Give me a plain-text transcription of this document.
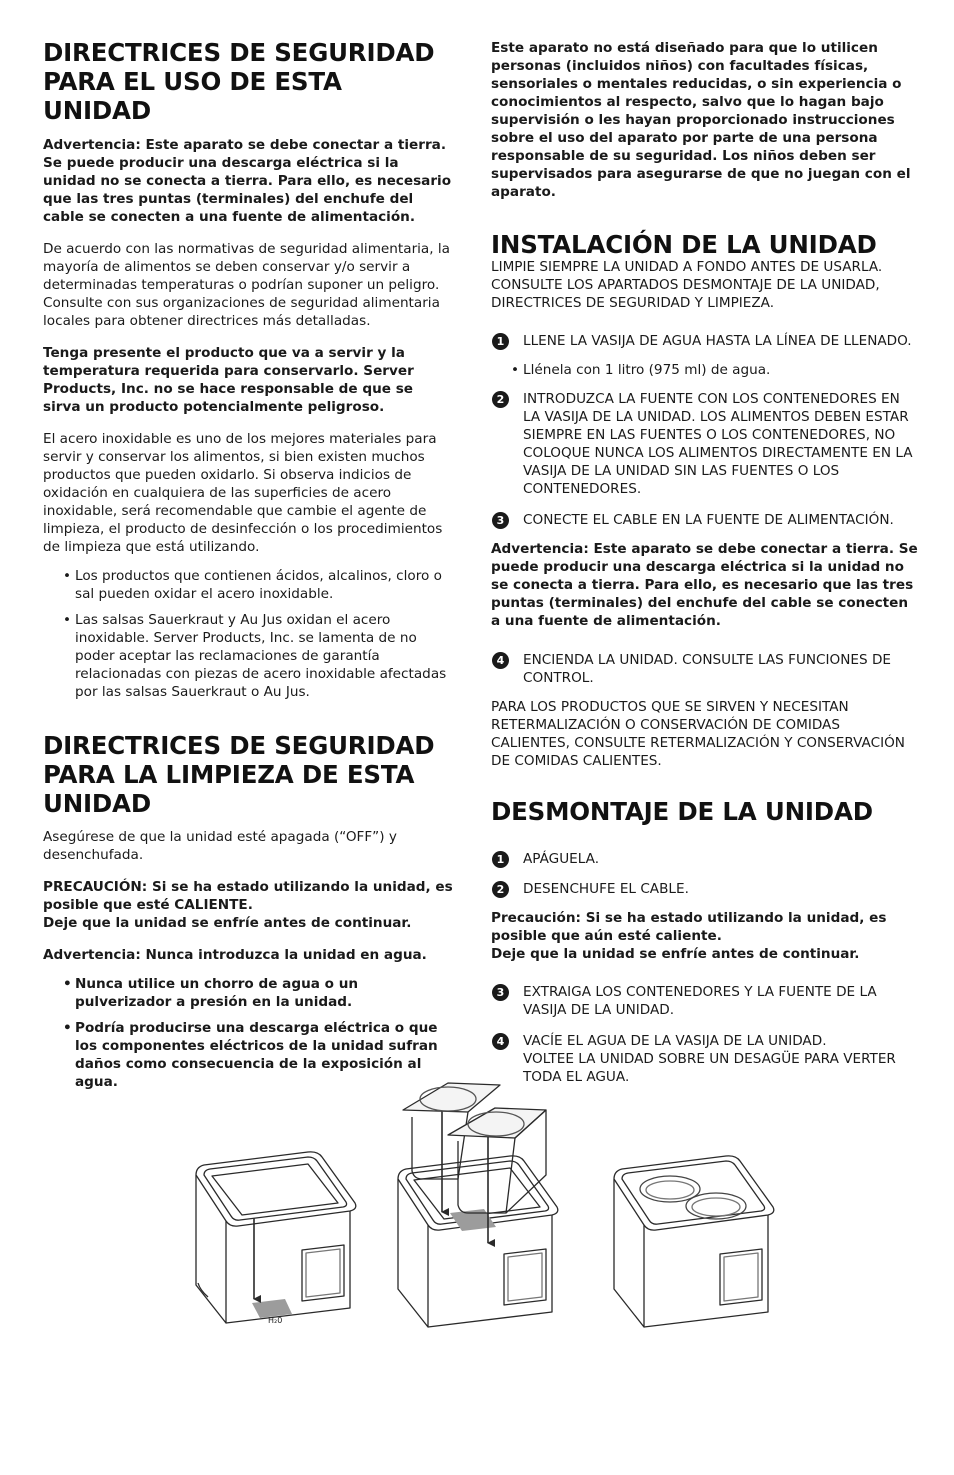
DIRECTRICES DE SEGURIDAD PARA EL USO DE ESTA UNIDAD

Advertencia: Este aparato se debe conectar a tierra. Se puede producir una descarga eléctrica si la unidad no se conecta a tierra. Para ello, es necesario que las tres puntas (terminales) del enchufe del cable se conecten a una fuente de alimentación.

De acuerdo con las normativas de seguridad alimentaria, la mayoría de alimentos se deben conservar y/o servir a determinadas temperaturas o podrían suponer un peligro. Consulte con sus organizaciones de seguridad alimentaria locales para obtener directrices más detalladas.

Tenga presente el producto que va a servir y la temperatura requerida para conservarlo. Server Products, Inc. no se hace responsable de que se sirva un producto potencialmente peligroso.

El acero inoxidable es uno de los mejores materiales para servir y conservar los alimentos, si bien existen muchos productos que pueden oxidarlo. Si observa indicios de oxidación en cualquiera de las superficies de acero inoxidable, será recomendable que cambie el agente de limpieza, el producto de desinfección o los procedimientos de limpieza que está utilizando.

• Los productos que contienen ácidos, alcalinos, cloro o sal pueden oxidar el acero inoxidable.
• Las salsas Sauerkraut y Au Jus oxidan el acero inoxidable. Server Products, Inc. se lamenta de no poder aceptar las reclamaciones de garantía relacionadas con piezas de acero inoxidable afectadas por las salsas Sauerkraut o Au Jus.
DIRECTRICES DE SEGURIDAD PARA LA LIMPIEZA DE ESTA UNIDAD

Asegúrese de que la unidad esté apagada (“OFF”) y desenchufada.

PRECAUCIÓN: Si se ha estado utilizando la unidad, es posible que esté CALIENTE.
Deje que la unidad se enfríe antes de continuar.

Advertencia: Nunca introduzca la unidad en agua.

• Nunca utilice un chorro de agua o un pulverizador a presión en la unidad.
• Podría producirse una descarga eléctrica o que los componentes eléctricos de la unidad sufran daños como consecuencia de la exposición al agua.

Este aparato no está diseñado para que lo utilicen personas (incluidos niños) con facultades físicas, sensoriales o mentales reducidas, o sin experiencia o conocimientos al respecto, salvo que lo hagan bajo supervisión o les hayan proporcionado instrucciones sobre el uso del aparato por parte de una persona responsable de su seguridad. Los niños deben ser supervisados para asegurarse de que no juegan con el aparato.

INSTALACIÓN DE LA UNIDAD

LIMPIE SIEMPRE LA UNIDAD A FONDO ANTES DE USARLA. CONSULTE LOS APARTADOS DESMONTAJE DE LA UNIDAD, DIRECTRICES DE SEGURIDAD Y LIMPIEZA.

1	LLENE LA VASIJA DE AGUA HASTA LA LÍNEA DE LLENADO.
• Llénela con 1 litro (975 ml) de agua.
2	INTRODUZCA LA FUENTE CON LOS CONTENEDORES EN LA VASIJA DE LA UNIDAD. LOS ALIMENTOS DEBEN ESTAR SIEMPRE EN LAS FUENTES O LOS CONTENEDORES, NO COLOQUE NUNCA LOS ALIMENTOS DIRECTAMENTE EN LA VASIJA DE LA UNIDAD SIN LAS FUENTES O LOS CONTENEDORES.
3	CONECTE EL CABLE EN LA FUENTE DE ALIMENTACIÓN.

Advertencia: Este aparato se debe conectar a tierra. Se puede producir una descarga eléctrica si la unidad no se conecta a tierra. Para ello, es necesario que las tres puntas (terminales) del enchufe del cable se conecten a una fuente de alimentación.

4	ENCIENDA LA UNIDAD. CONSULTE LAS FUNCIONES DE CONTROL.

PARA LOS PRODUCTOS QUE SE SIRVEN Y NECESITAN RETERMALIZACIÓN O CONSERVACIÓN DE COMIDAS CALIENTES, CONSULTE RETERMALIZACIÓN Y CONSERVACIÓN DE COMIDAS CALIENTES.

DESMONTAJE DE LA UNIDAD
1	APÁGUELA.
2	DESENCHUFE EL CABLE.

Precaución: Si se ha estado utilizando la unidad, es posible que aún esté caliente.
Deje que la unidad se enfríe antes de continuar.

3	EXTRAIGA LOS CONTENEDORES Y LA FUENTE DE LA VASIJA DE LA UNIDAD.
4	VACÍE EL AGUA DE LA VASIJA DE LA UNIDAD.
VOLTEE LA UNIDAD SOBRE UN DESAGÜE PARA VERTER TODA EL AGUA.
H₂0
